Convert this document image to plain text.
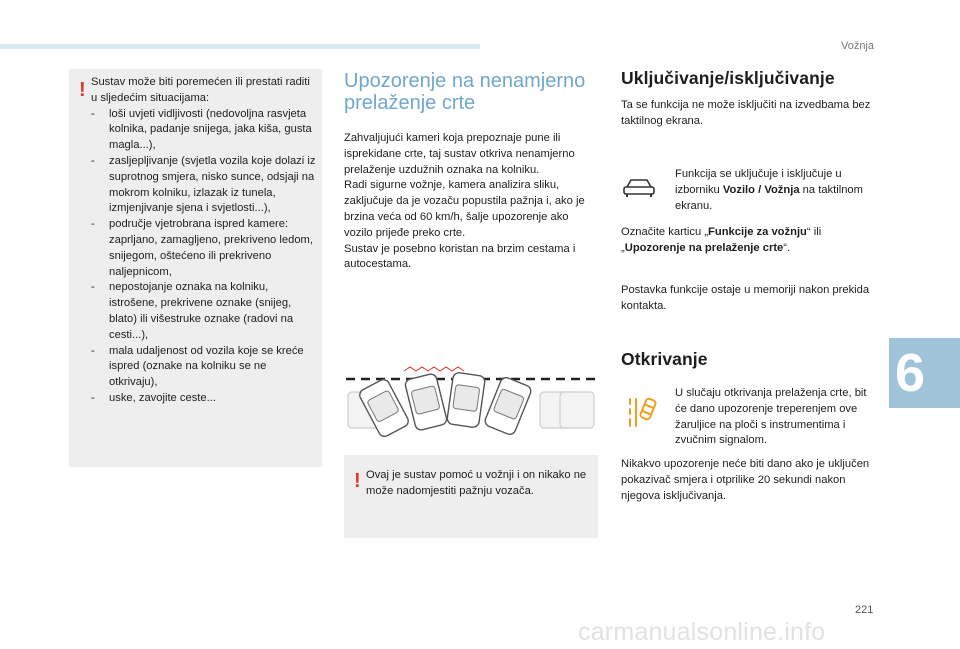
Vožnja
6
! Sustav može biti poremećen ili prestati raditi u sljedećim situacijama:

- loši uvjeti vidljivosti (nedovoljna rasvjeta kolnika, padanje snijega, jaka kiša, gusta magla...),
- zasljepljivanje (svjetla vozila koje dolazi iz suprotnog smjera, nisko sunce, odsjaji na mokrom kolniku, izlazak iz tunela, izmjenjivanje sjena i svjetlosti...),
- područje vjetrobrana ispred kamere: zaprljano, zamagljeno, prekriveno ledom, snijegom, oštećeno ili prekriveno naljepnicom,
- nepostojanje oznaka na kolniku, istrošene, prekrivene oznake (snijeg, blato) ili višestruke oznake (radovi na cesti...),
- mala udaljenost od vozila koje se kreće ispred (oznake na kolniku se ne otkrivaju),
- uske, zavojite ceste...
Upozorenje na nenamjerno prelaženje crte

Zahvaljujući kameri koja prepoznaje pune ili isprekidane crte, taj sustav otkriva nenamjerno prelaženje uzdužnih oznaka na kolniku.

Radi sigurne vožnje, kamera analizira sliku, zaključuje da je vozaču popustila pažnja i, ako je brzina veća od 60 km/h, šalje upozorenje ako vozilo prijeđe preko crte.

Sustav je posebno koristan na brzim cestama i autocestama.

! Ovaj je sustav pomoć u vožnji i on nikako ne može nadomjestiti pažnju vozača.

Uključivanje/isključivanje

Ta se funkcija ne može isključiti na izvedbama bez taktilnog ekrana.

Funkcija se uključuje i isključuje u izborniku Vozilo / Vožnja na taktilnom ekranu.

Označite karticu „Funkcije za vožnju“ ili „Upozorenje na prelaženje crte“.

Postavka funkcije ostaje u memoriji nakon prekida kontakta.

Otkrivanje

U slučaju otkrivanja prelaženja crte, bit će dano upozorenje treperenjem ove žaruljice na ploči s instrumentima i zvučnim signalom.

Nikakvo upozorenje neće biti dano ako je uključen pokazivač smjera i otprilike 20 sekundi nakon njegova isključivanja.

221
carmanualsonline.info
